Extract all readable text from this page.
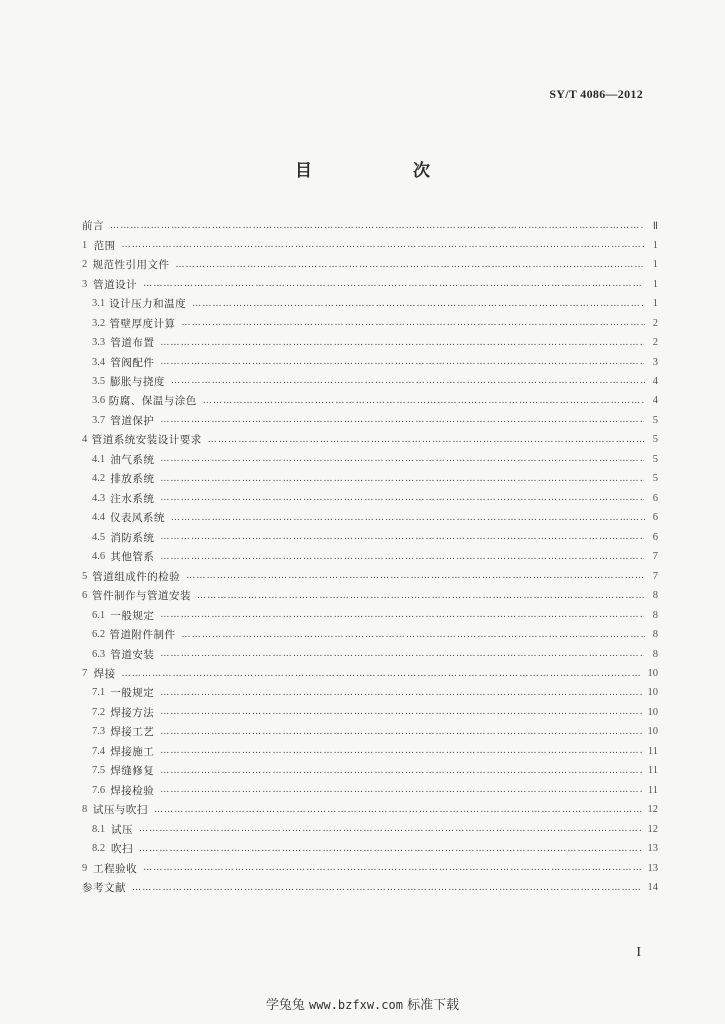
SY/T 4086—2012
目　次
前言 …………………………………………………………………………………………………………………………………………………………………………………………………………………………………………	Ⅱ
1 范围 …………………………………………………………………………………………………………………………………………………………………………………………………………………………………………	1
2 规范性引用文件 …………………………………………………………………………………………………………………………………………………………………………………………………………………………………………	1
3 管道设计 …………………………………………………………………………………………………………………………………………………………………………………………………………………………………………	1
3.1 设计压力和温度 …………………………………………………………………………………………………………………………………………………………………………………………………………………………………………	1
3.2 管壁厚度计算 …………………………………………………………………………………………………………………………………………………………………………………………………………………………………………	2
3.3 管道布置 …………………………………………………………………………………………………………………………………………………………………………………………………………………………………………	2
3.4 管阀配件 …………………………………………………………………………………………………………………………………………………………………………………………………………………………………………	3
3.5 膨胀与挠度 …………………………………………………………………………………………………………………………………………………………………………………………………………………………………………	4
3.6 防腐、保温与涂色 …………………………………………………………………………………………………………………………………………………………………………………………………………………………………………	4
3.7 管道保护 …………………………………………………………………………………………………………………………………………………………………………………………………………………………………………	5
4 管道系统安装设计要求 …………………………………………………………………………………………………………………………………………………………………………………………………………………………………………	5
4.1 油气系统 …………………………………………………………………………………………………………………………………………………………………………………………………………………………………………	5
4.2 排放系统 …………………………………………………………………………………………………………………………………………………………………………………………………………………………………………	5
4.3 注水系统 …………………………………………………………………………………………………………………………………………………………………………………………………………………………………………	6
4.4 仪表风系统 …………………………………………………………………………………………………………………………………………………………………………………………………………………………………………	6
4.5 消防系统 …………………………………………………………………………………………………………………………………………………………………………………………………………………………………………	6
4.6 其他管系 …………………………………………………………………………………………………………………………………………………………………………………………………………………………………………	7
5 管道组成件的检验 …………………………………………………………………………………………………………………………………………………………………………………………………………………………………………	7
6 管件制作与管道安装 …………………………………………………………………………………………………………………………………………………………………………………………………………………………………………	8
6.1 一般规定 …………………………………………………………………………………………………………………………………………………………………………………………………………………………………………	8
6.2 管道附件制件 …………………………………………………………………………………………………………………………………………………………………………………………………………………………………………	8
6.3 管道安装 …………………………………………………………………………………………………………………………………………………………………………………………………………………………………………	8
7 焊接 …………………………………………………………………………………………………………………………………………………………………………………………………………………………………………	10
7.1 一般规定 …………………………………………………………………………………………………………………………………………………………………………………………………………………………………………	10
7.2 焊接方法 …………………………………………………………………………………………………………………………………………………………………………………………………………………………………………	10
7.3 焊接工艺 …………………………………………………………………………………………………………………………………………………………………………………………………………………………………………	10
7.4 焊接施工 …………………………………………………………………………………………………………………………………………………………………………………………………………………………………………	11
7.5 焊缝修复 …………………………………………………………………………………………………………………………………………………………………………………………………………………………………………	11
7.6 焊接检验 …………………………………………………………………………………………………………………………………………………………………………………………………………………………………………	11
8 试压与吹扫 …………………………………………………………………………………………………………………………………………………………………………………………………………………………………………	12
8.1 试压 …………………………………………………………………………………………………………………………………………………………………………………………………………………………………………	12
8.2 吹扫 …………………………………………………………………………………………………………………………………………………………………………………………………………………………………………	13
9 工程验收 …………………………………………………………………………………………………………………………………………………………………………………………………………………………………………	13
参考文献 …………………………………………………………………………………………………………………………………………………………………………………………………………………………………………	14
I
学兔兔 www.bzfxw.com 标准下载
